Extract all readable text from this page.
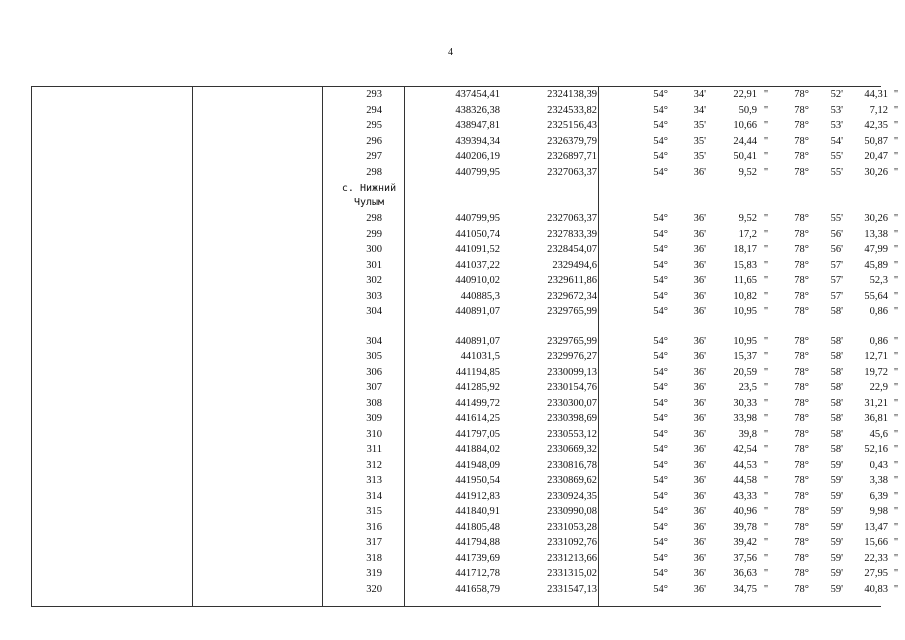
4
293	437454,41	2324138,39	54°	34'	22,91 "	78°	52'	44,31 "
294	438326,38	2324533,82	54°	34'	50,9 "	78°	53'	7,12 "
295	438947,81	2325156,43	54°	35'	10,66 "	78°	53'	42,35 "
296	439394,34	2326379,79	54°	35'	24,44 "	78°	54'	50,87 "
297	440206,19	2326897,71	54°	35'	50,41 "	78°	55'	20,47 "
298	440799,95	2327063,37	54°	36'	9,52 "	78°	55'	30,26 "
с. Нижний Чулым
298	440799,95	2327063,37	54°	36'	9,52 "	78°	55'	30,26 "
299	441050,74	2327833,39	54°	36'	17,2 "	78°	56'	13,38 "
300	441091,52	2328454,07	54°	36'	18,17 "	78°	56'	47,99 "
301	441037,22	2329494,6	54°	36'	15,83 "	78°	57'	45,89 "
302	440910,02	2329611,86	54°	36'	11,65 "	78°	57'	52,3 "
303	440885,3	2329672,34	54°	36'	10,82 "	78°	57'	55,64 "
304	440891,07	2329765,99	54°	36'	10,95 "	78°	58'	0,86 "
304	440891,07	2329765,99	54°	36'	10,95 "	78°	58'	0,86 "
305	441031,5	2329976,27	54°	36'	15,37 "	78°	58'	12,71 "
306	441194,85	2330099,13	54°	36'	20,59 "	78°	58'	19,72 "
307	441285,92	2330154,76	54°	36'	23,5 "	78°	58'	22,9 "
308	441499,72	2330300,07	54°	36'	30,33 "	78°	58'	31,21 "
309	441614,25	2330398,69	54°	36'	33,98 "	78°	58'	36,81 "
310	441797,05	2330553,12	54°	36'	39,8 "	78°	58'	45,6 "
311	441884,02	2330669,32	54°	36'	42,54 "	78°	58'	52,16 "
312	441948,09	2330816,78	54°	36'	44,53 "	78°	59'	0,43 "
313	441950,54	2330869,62	54°	36'	44,58 "	78°	59'	3,38 "
314	441912,83	2330924,35	54°	36'	43,33 "	78°	59'	6,39 "
315	441840,91	2330990,08	54°	36'	40,96 "	78°	59'	9,98 "
316	441805,48	2331053,28	54°	36'	39,78 "	78°	59'	13,47 "
317	441794,88	2331092,76	54°	36'	39,42 "	78°	59'	15,66 "
318	441739,69	2331213,66	54°	36'	37,56 "	78°	59'	22,33 "
319	441712,78	2331315,02	54°	36'	36,63 "	78°	59'	27,95 "
320	441658,79	2331547,13	54°	36'	34,75 "	78°	59'	40,83 "
